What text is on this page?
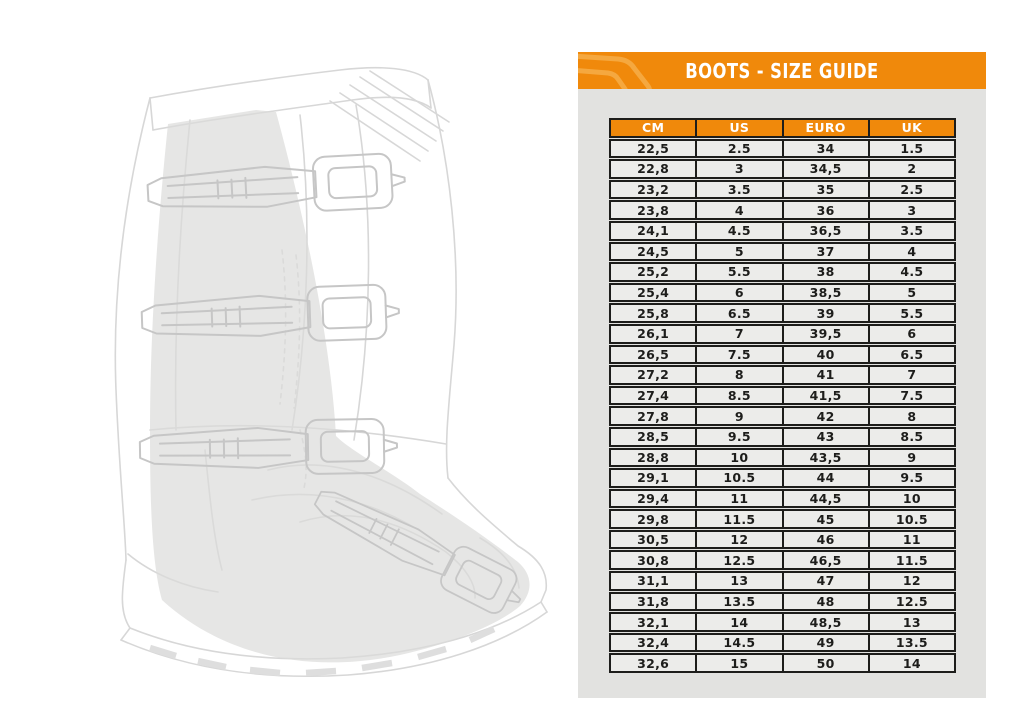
BOOTS - SIZE GUIDE
CM	US	EURO	UK
22,5	2.5	34	1.5
22,8	3	34,5	2
23,2	3.5	35	2.5
23,8	4	36	3
24,1	4.5	36,5	3.5
24,5	5	37	4
25,2	5.5	38	4.5
25,4	6	38,5	5
25,8	6.5	39	5.5
26,1	7	39,5	6
26,5	7.5	40	6.5
27,2	8	41	7
27,4	8.5	41,5	7.5
27,8	9	42	8
28,5	9.5	43	8.5
28,8	10	43,5	9
29,1	10.5	44	9.5
29,4	11	44,5	10
29,8	11.5	45	10.5
30,5	12	46	11
30,8	12.5	46,5	11.5
31,1	13	47	12
31,8	13.5	48	12.5
32,1	14	48,5	13
32,4	14.5	49	13.5
32,6	15	50	14
